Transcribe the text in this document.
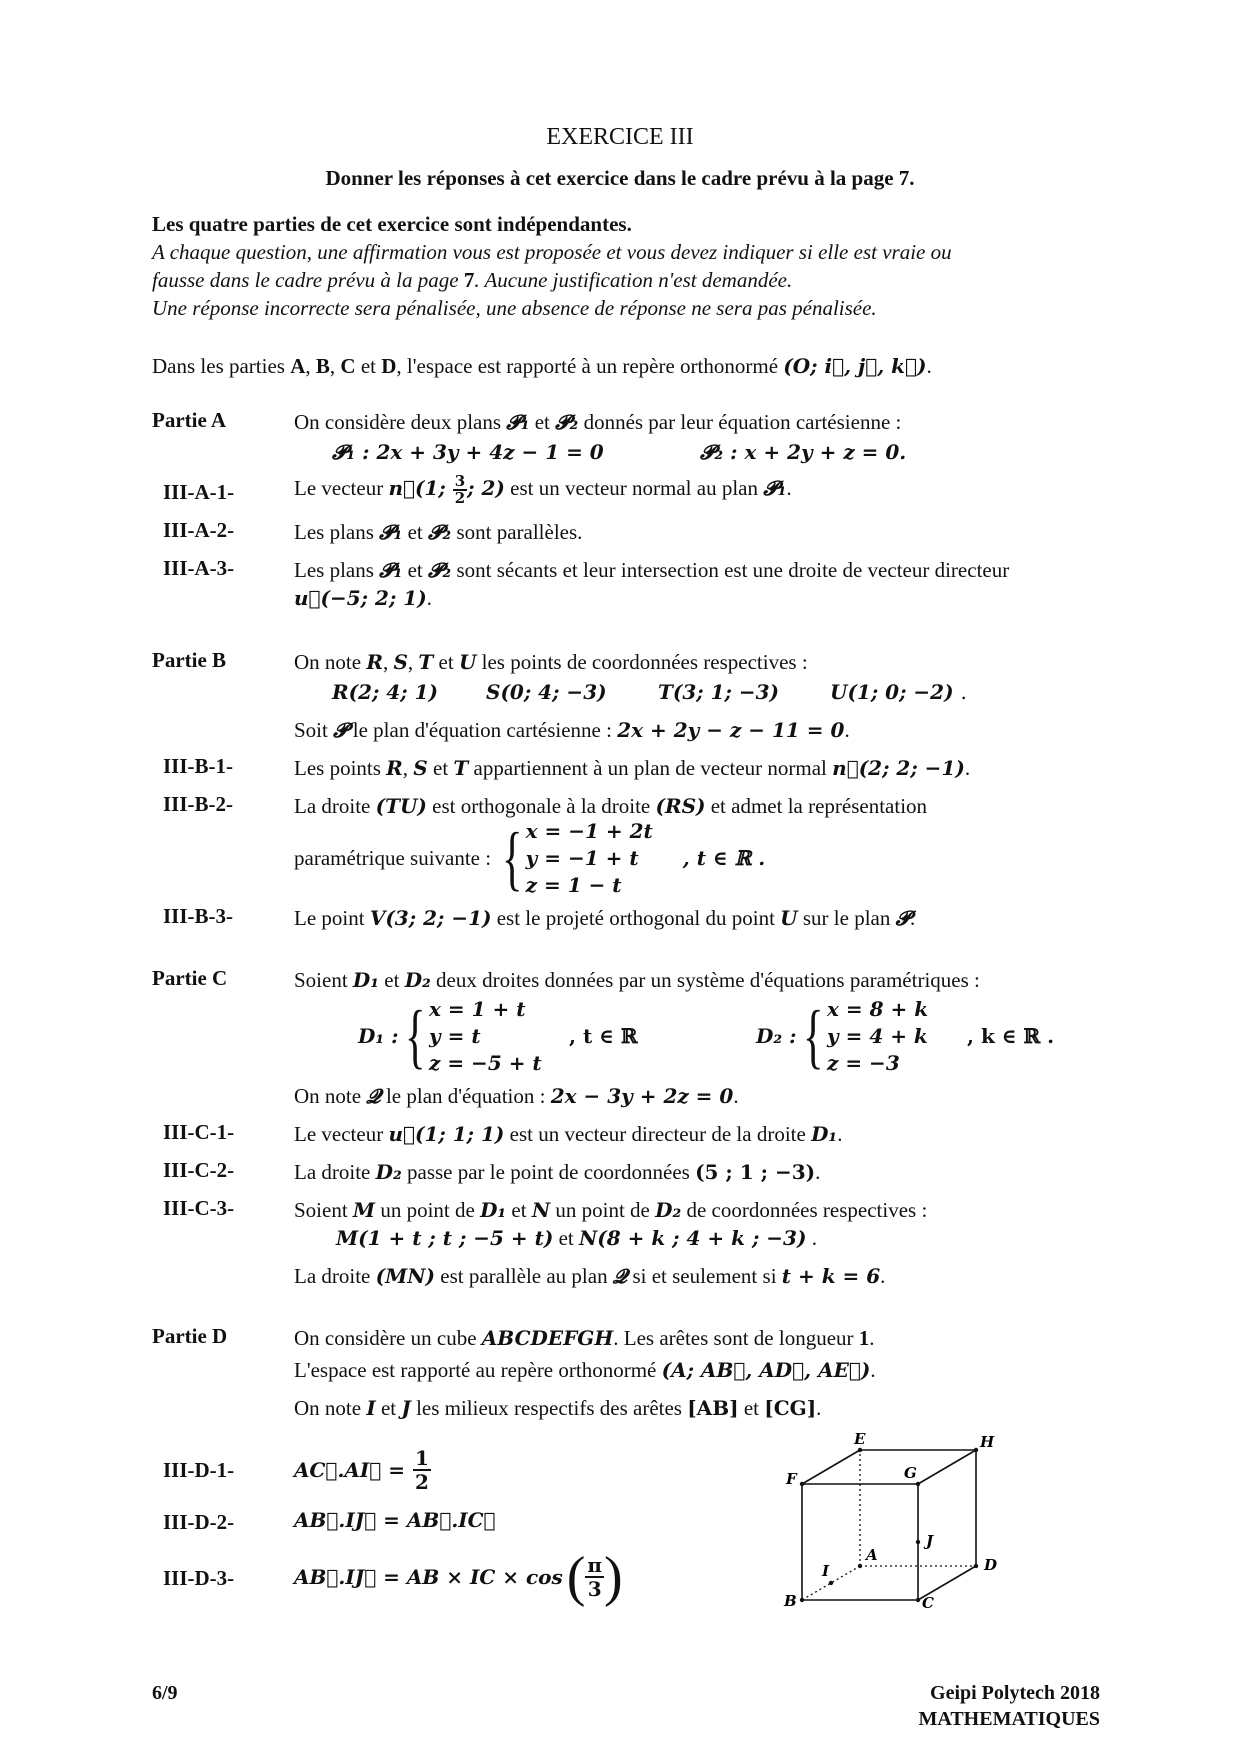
EXERCICE III
Donner les réponses à cet exercice dans le cadre prévu à la page 7.
Les quatre parties de cet exercice sont indépendantes.
A chaque question, une affirmation vous est proposée et vous devez indiquer si elle est vraie ou
fausse dans le cadre prévu à la page 7. Aucune justification n'est demandée.
Une réponse incorrecte sera pénalisée, une absence de réponse ne sera pas pénalisée.
Dans les parties A, B, C et D, l'espace est rapporté à un repère orthonormé (O; i⃗, j⃗, k⃗).
Partie A	On considère deux plans 𝓟₁ et 𝓟₂ donnés par leur équation cartésienne :
𝓟₁ : 2x + 3y + 4z − 1 = 0	𝓟₂ : x + 2y + z = 0.
III-A-1-	Le vecteur n⃗(1; $\frac{3}{2}$ ; 2) est un vecteur normal au plan 𝓟₁.
III-A-2-	Les plans 𝓟₁ et 𝓟₂ sont parallèles.
III-A-3-	Les plans 𝓟₁ et 𝓟₂ sont sécants et leur intersection est une droite de vecteur directeur
u⃗(−5; 2; 1).
Partie B	On note R, S, T et U les points de coordonnées respectives :
R(2; 4; 1) S(0; 4; −3)	T(3; 1; −3)	U(1; 0; −2) .
Soit 𝓟 le plan d'équation cartésienne : 2x + 2y − z − 11 = 0.
III-B-1-	Les points R, S et T appartiennent à un plan de vecteur normal n⃗(2; 2; −1).
III-B-2-	La droite (TU) est orthogonale à la droite (RS) et admet la représentation
paramétrique suivante : { x = −1 + 2t
y = −1 + t
z = 1 − t
, t ∈ ℝ .
III-B-3-	Le point V(3; 2; −1) est le projeté orthogonal du point U sur le plan 𝓟.
Partie C	Soient D₁ et D₂ deux droites données par un système d'équations paramétriques :
D₁ : { x = 1 + t
y = t
z = −5 + t
, t ∈ ℝ	D₂ : { x = 8 + k
y = 4 + k
z = −3
, k ∈ ℝ .
On note 𝓠 le plan d'équation : 2x − 3y + 2z = 0.
III-C-1-	Le vecteur u⃗(1; 1; 1) est un vecteur directeur de la droite D₁.
III-C-2-	La droite D₂ passe par le point de coordonnées (5 ; 1 ; −3).
III-C-3-	Soient M un point de D₁ et N un point de D₂ de coordonnées respectives :
M(1 + t ; t ; −5 + t) et N(8 + k ; 4 + k ; −3) .
La droite (MN) est parallèle au plan 𝓠 si et seulement si t + k = 6.
Partie D	On considère un cube ABCDEFGH. Les arêtes sont de longueur 1.
L'espace est rapporté au repère orthonormé (A; AB⃗, AD⃗, AE⃗).
On note I et J les milieux respectifs des arêtes [AB] et [CG].
III-D-1-	AC⃗.AI⃗ = $\frac{1}{2}$
III-D-2-	AB⃗.IJ⃗ = AB⃗.IC⃗
III-D-3-	AB⃗.IJ⃗ = AB × IC × cos ( $\frac{\pi}{3}$ )
E	H
F	G
J
A
I	D
B	C
6/9	Geipi Polytech 2018
MATHEMATIQUES
